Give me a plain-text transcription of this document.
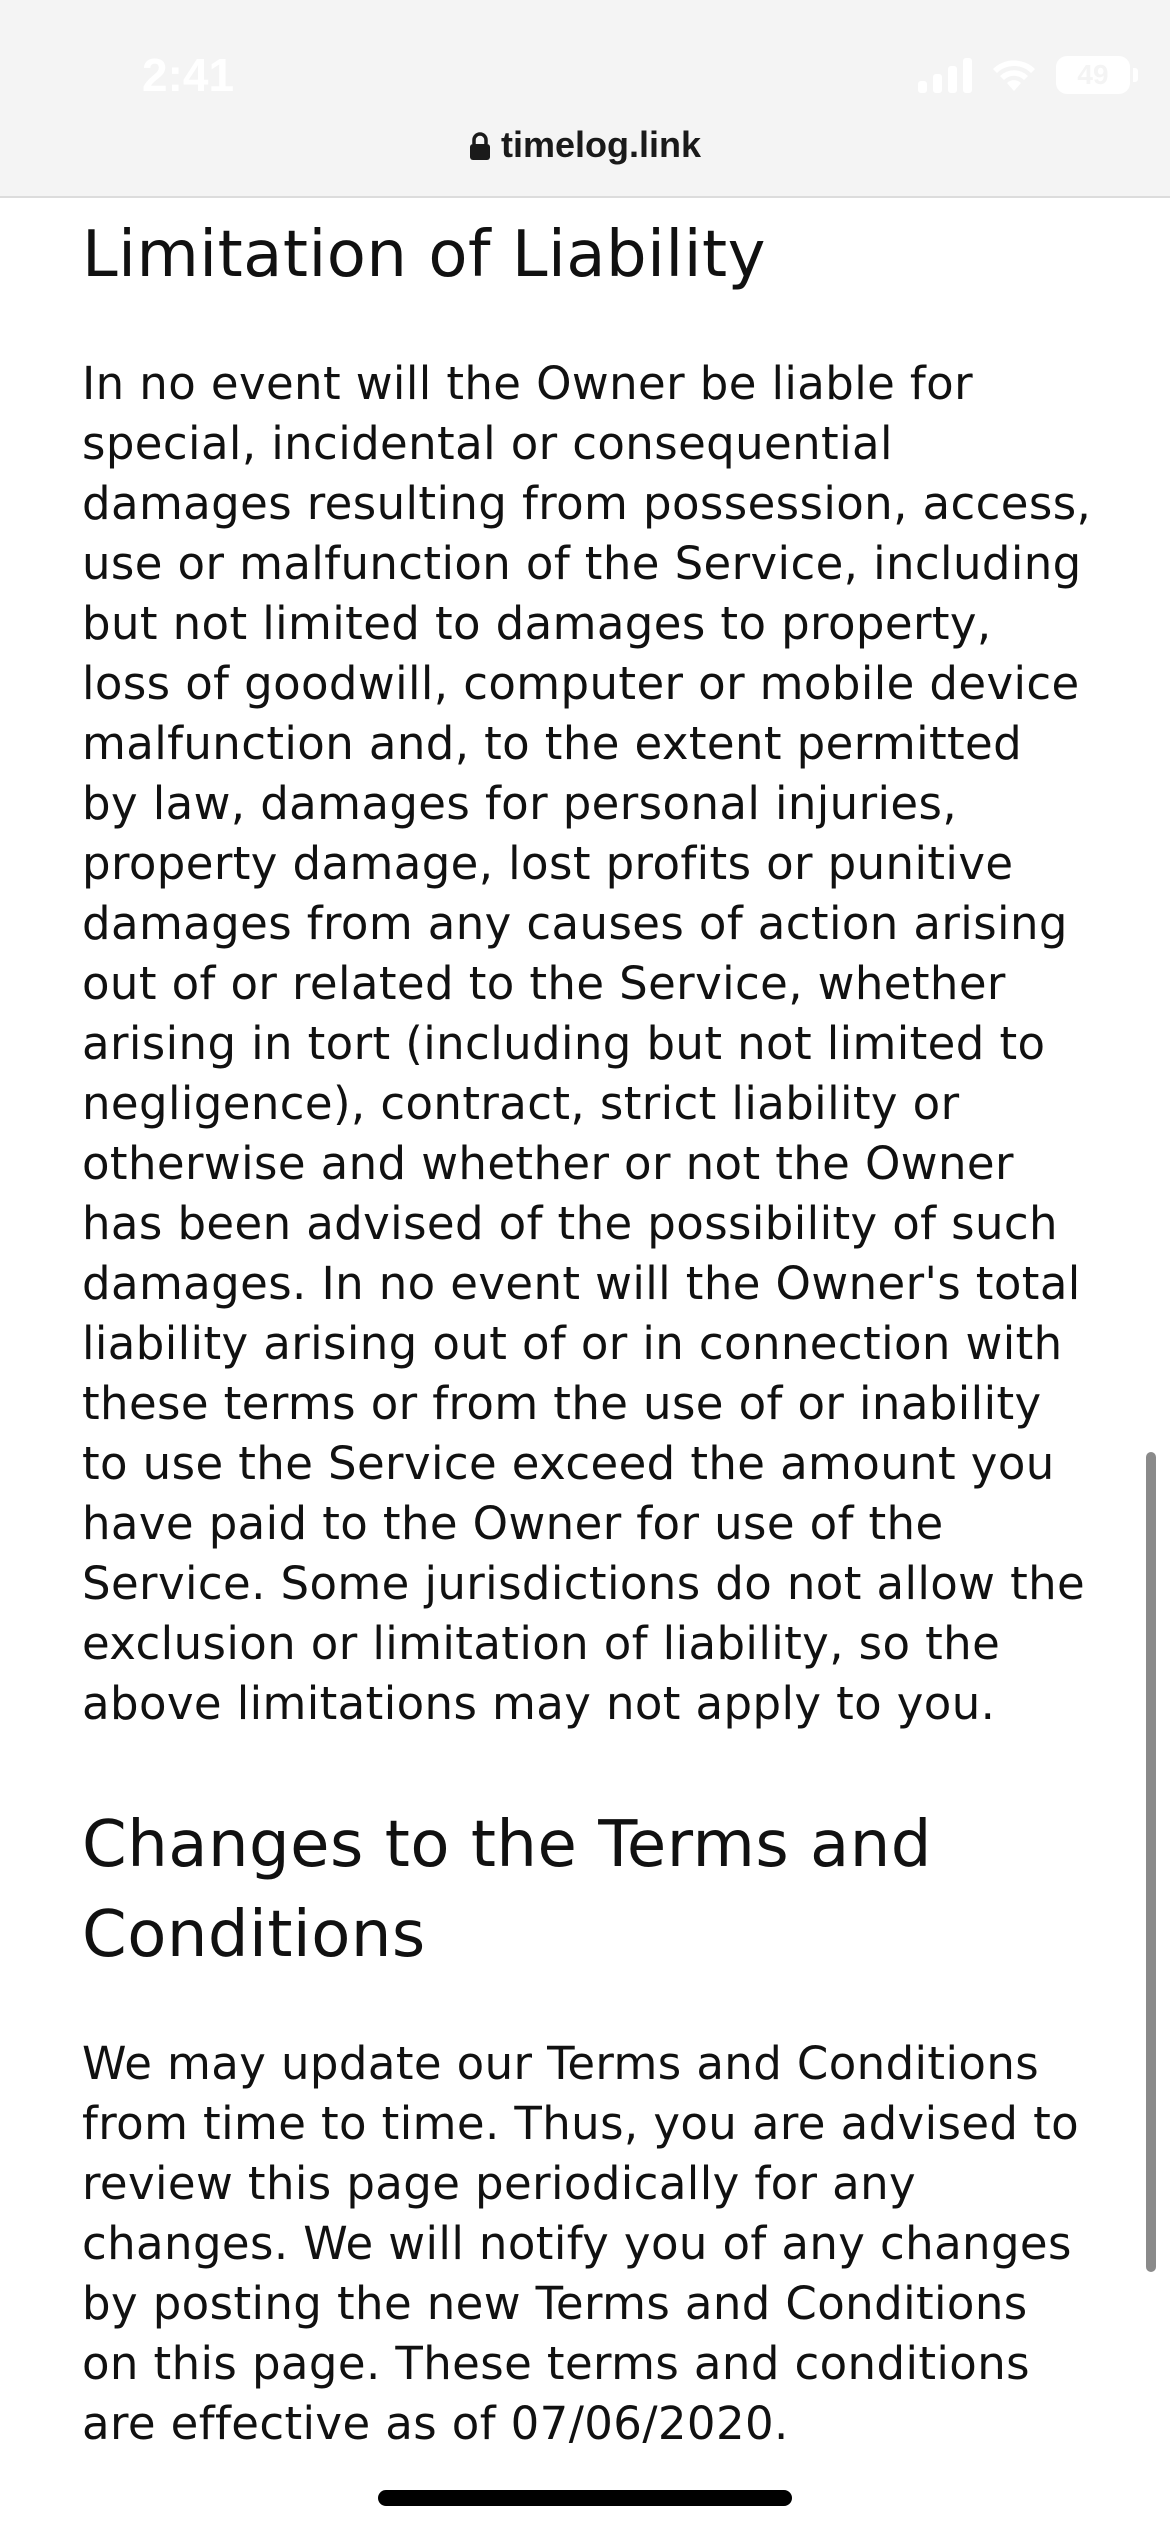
2:41	49
timelog.link
Limitation of Liability

In no event will the Owner be liable for special, incidental or consequential damages resulting from possession, access, use or malfunction of the Service, including but not limited to damages to property, loss of goodwill, computer or mobile device malfunction and, to the extent permitted by law, damages for personal injuries, property damage, lost profits or punitive damages from any causes of action arising out of or related to the Service, whether arising in tort (including but not limited to negligence), contract, strict liability or otherwise and whether or not the Owner has been advised of the possibility of such damages. In no event will the Owner's total liability arising out of or in connection with these terms or from the use of or inability to use the Service exceed the amount you have paid to the Owner for use of the Service. Some jurisdictions do not allow the exclusion or limitation of liability, so the above limitations may not apply to you.

Changes to the Terms and Conditions

We may update our Terms and Conditions from time to time. Thus, you are advised to review this page periodically for any changes. We will notify you of any changes by posting the new Terms and Conditions on this page. These terms and conditions are effective as of 07/06/2020.
